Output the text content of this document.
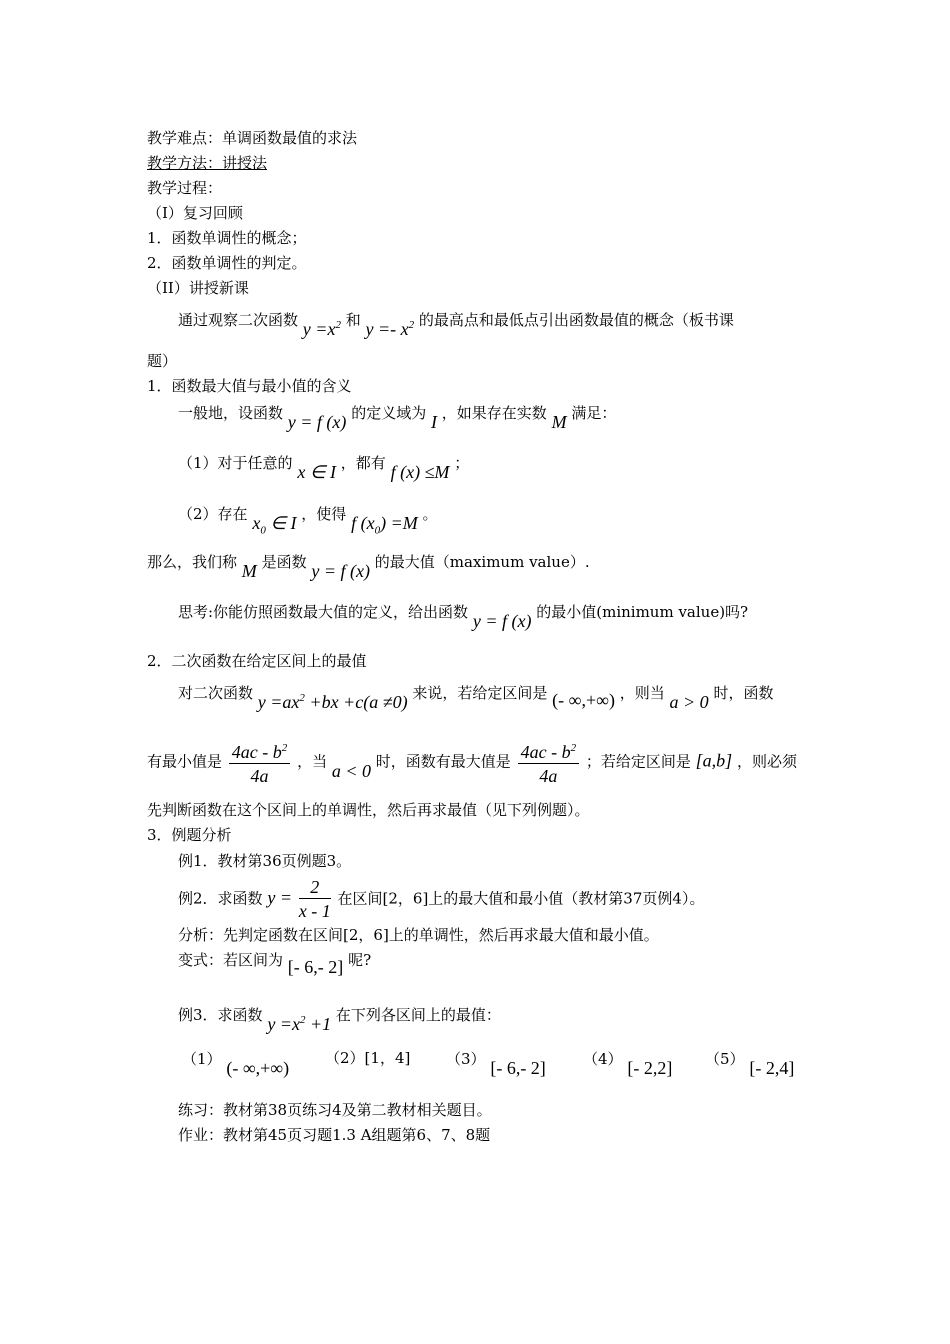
教学难点：单调函数最值的求法
教学方法：讲授法
教学过程：
（I）复习回顾
1．函数单调性的概念；
2．函数单调性的判定。
（II）讲授新课
通过观察二次函数 $y =x^2$ 和 $y =- x^2$ 的最高点和最低点引出函数最值的概念（板书课
题）
1．函数最大值与最小值的含义
一般地，设函数 y = f (x) 的定义域为 I ，如果存在实数 M 满足：
（1）对于任意的 x ∈ I ，都有 f (x) ≤M ；
（2）存在 $x_0$ ∈ I ，使得 f $(x_0) =M$ 。
那么，我们称 M 是函数 y = f (x) 的最大值（maximum value）.
思考:你能仿照函数最大值的定义，给出函数 y = f (x) 的最小值(minimum value)吗?
2．二次函数在给定区间上的最值
对二次函数 $y =ax^2 +bx +c(a \ne 0)$ 来说，若给定区间是 (- ∞,+∞) ，则当 a > 0 时，函数
有最小值是 $\frac{4ac - b^2}{4a}$ ，当 a < 0 时，函数有最大值是 $\frac{4ac - b^2}{4a}$ ；若给定区间是 [a,b] ，则必须
先判断函数在这个区间上的单调性，然后再求最值（见下列例题）。
3．例题分析
例1．教材第36页例题3。
例2．求函数 $y = \frac{2}{x - 1}$ 在区间[2，6]上的最大值和最小值（教材第37页例4）。
分析：先判定函数在区间[2，6]上的单调性，然后再求最大值和最小值。
变式：若区间为 [- 6,- 2] 呢?
例3．求函数 $y =x^2 +1$ 在下列各区间上的最值：
（1） (- ∞,+∞) （2）[1，4] （3） [- 6,- 2] （4） [- 2,2] （5） [- 2,4]
练习：教材第38页练习4及第二教材相关题目。
作业：教材第45页习题1.3 A组题第6、7、8题
